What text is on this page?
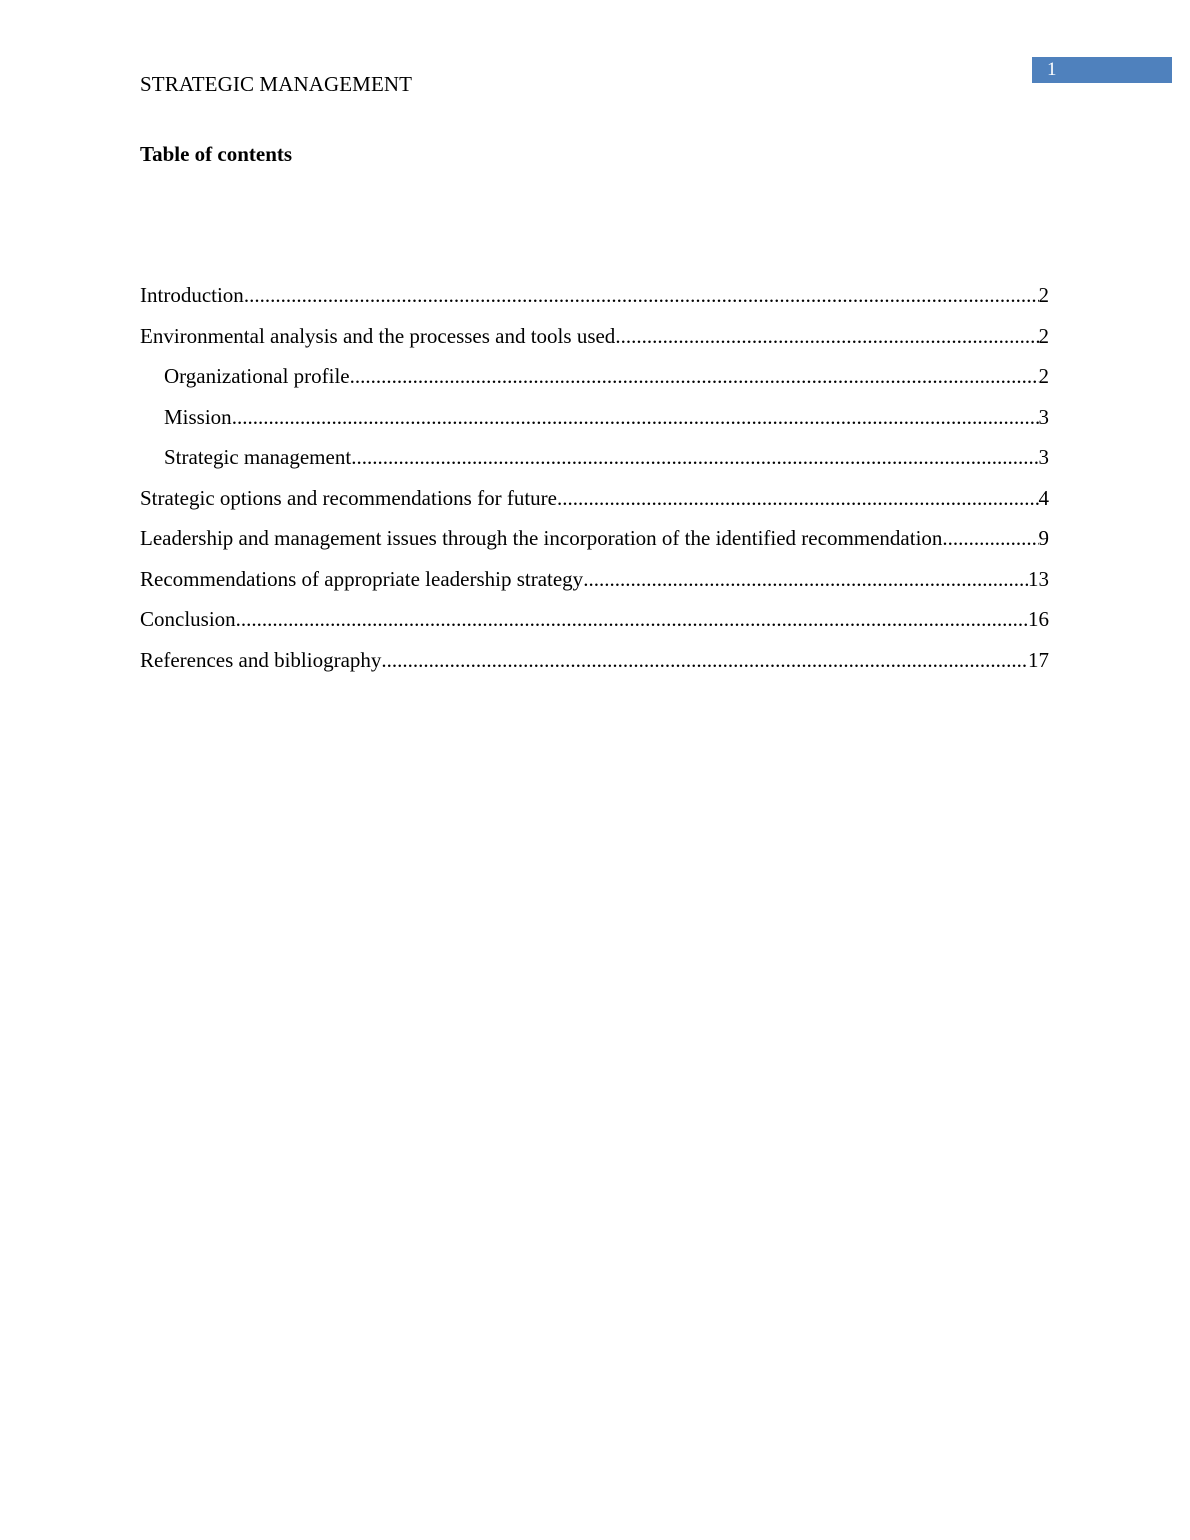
STRATEGIC MANAGEMENT
1
Table of contents
Introduction .....	2
Environmental analysis and the processes and tools used .....	2
Organizational profile .....	2
Mission .....	3
Strategic management .....	3
Strategic options and recommendations for future .....	4
Leadership and management issues through the incorporation of the identified recommendation .....	9
Recommendations of appropriate leadership strategy .....	13
Conclusion .....	16
References and bibliography .....	17
